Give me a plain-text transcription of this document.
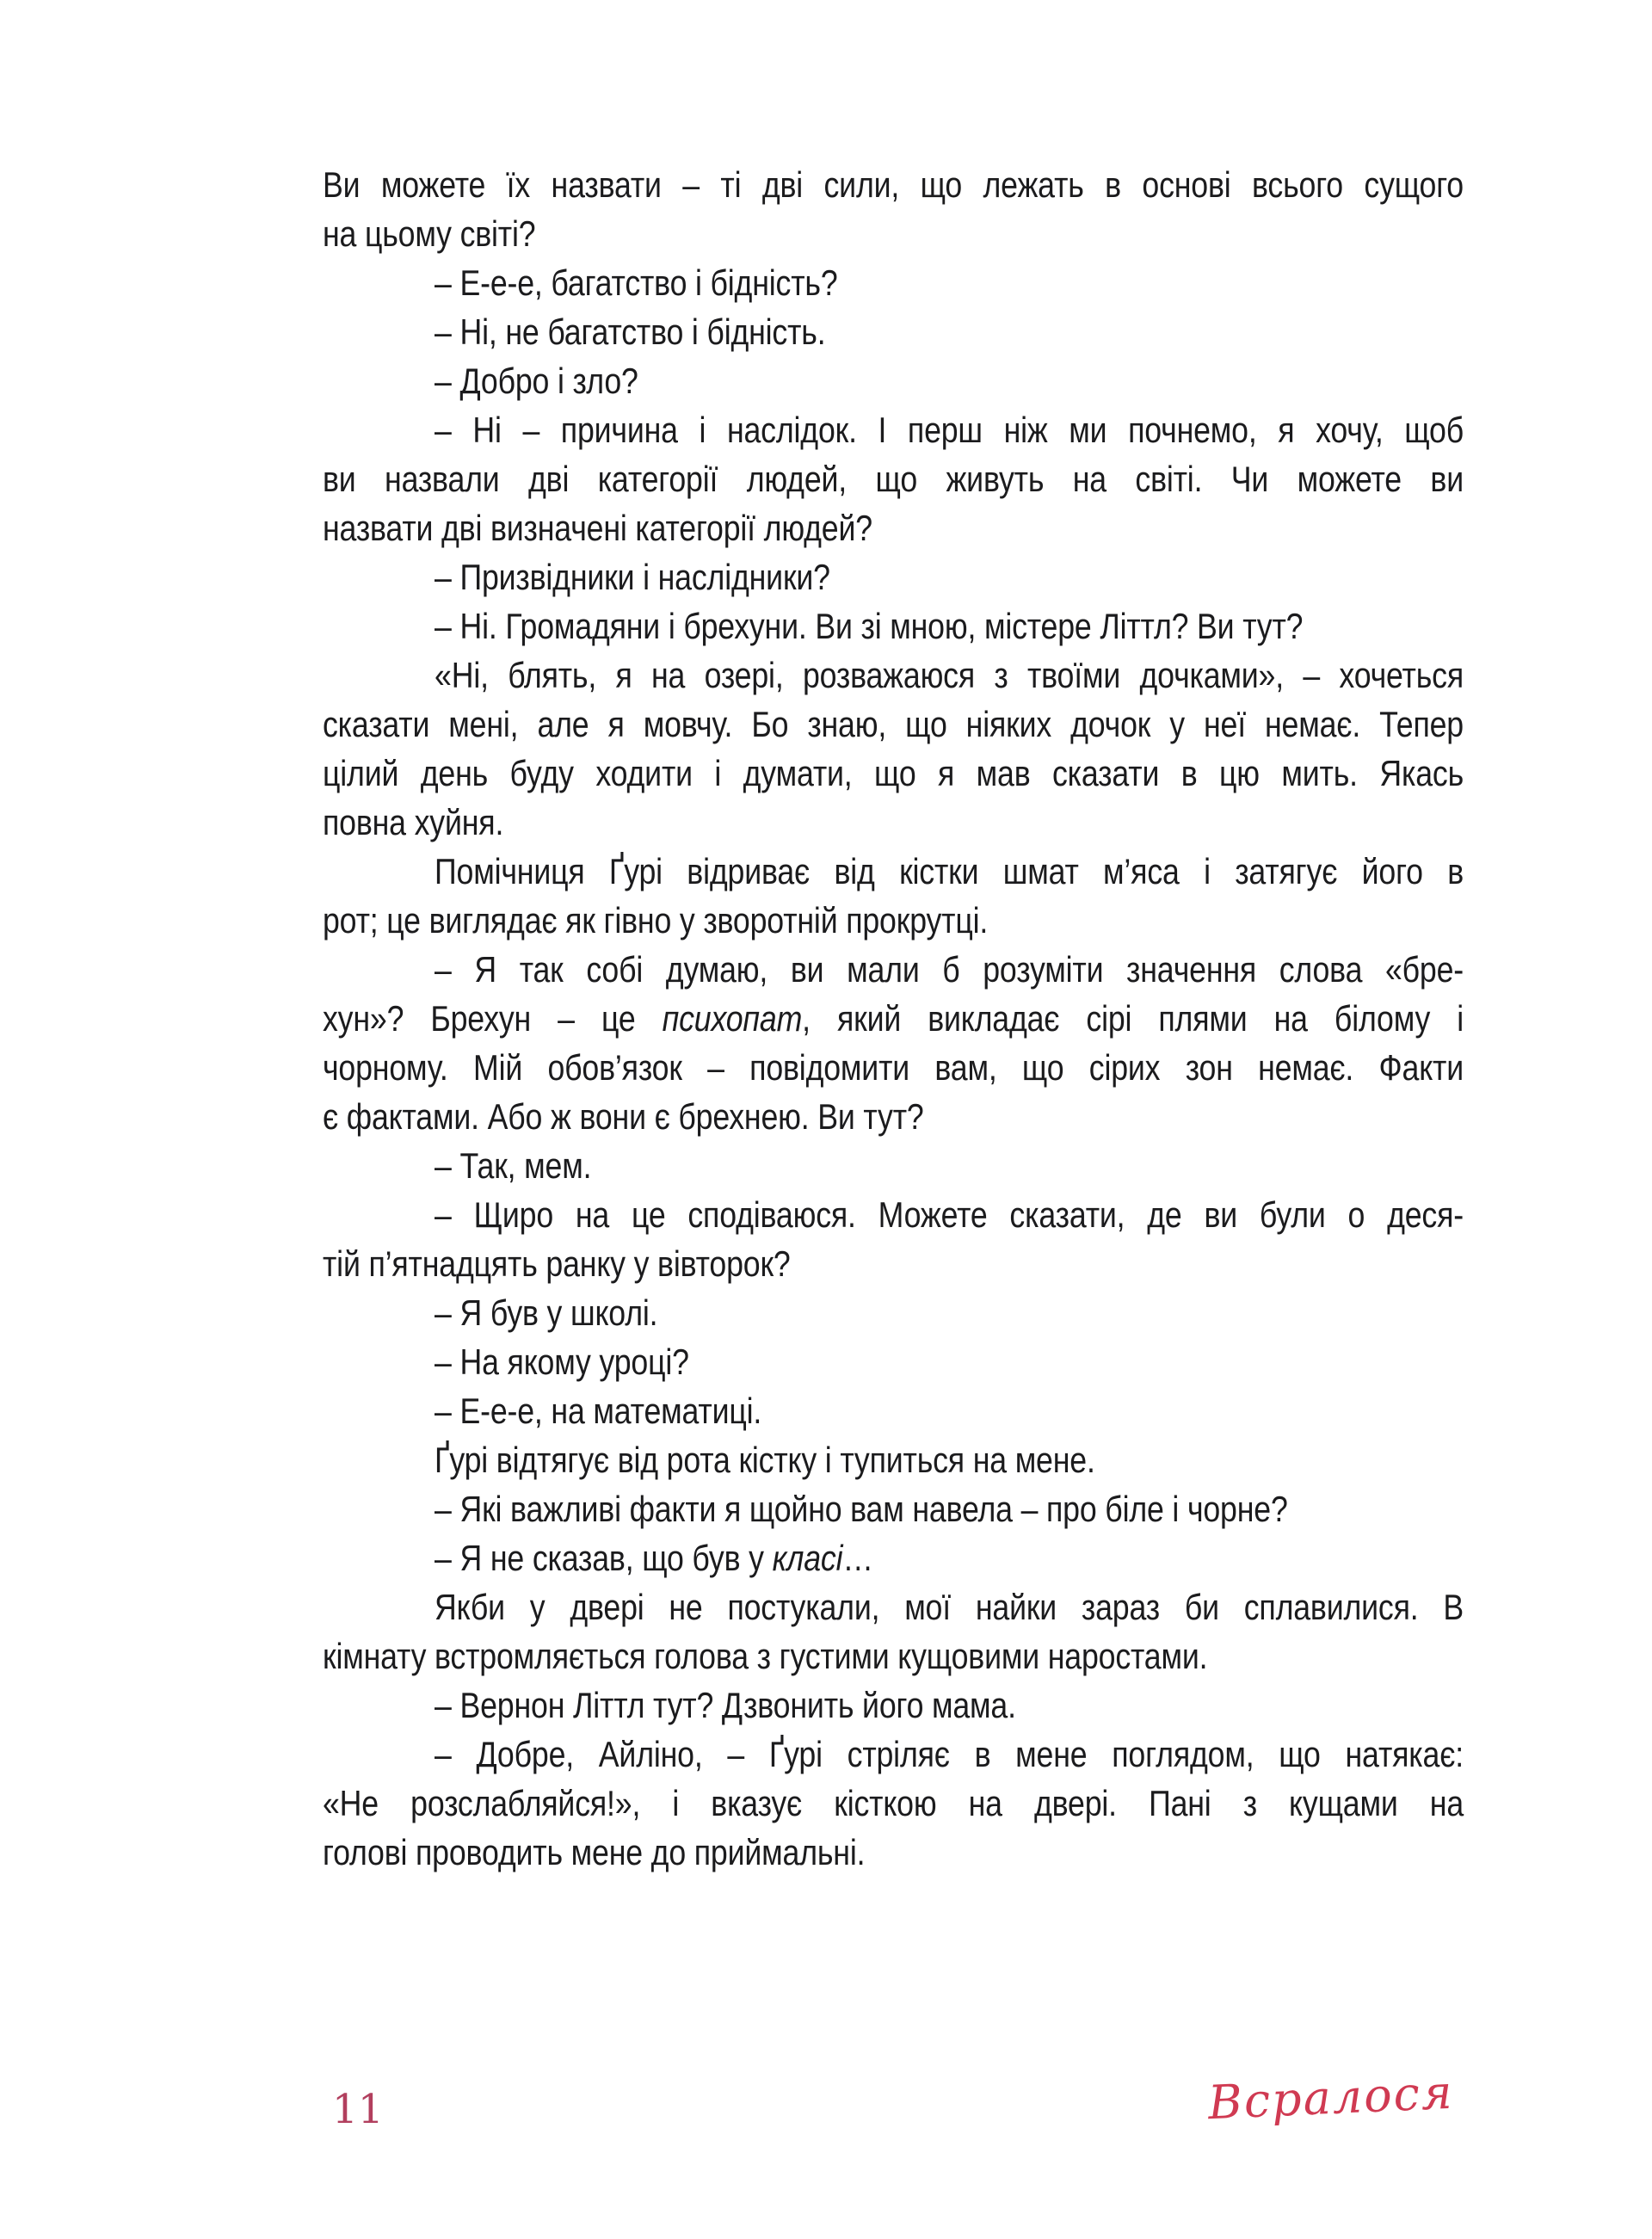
Ви можете їх назвати – ті дві сили, що лежать в основі всього сущого
на цьому світі?
– Е-е-е, багатство і бідність?
– Ні, не багатство і бідність.
– Добро і зло?
– Ні – причина і наслідок. І перш ніж ми почнемо, я хочу, щоб
ви назвали дві категорії людей, що живуть на світі. Чи можете ви
назвати дві визначені категорії людей?
– Призвідники і наслідники?
– Ні. Громадяни і брехуни. Ви зі мною, містере Літтл? Ви тут?
«Ні, блять, я на озері, розважаюся з твоїми дочками», – хочеться
сказати мені, але я мовчу. Бо знаю, що ніяких дочок у неї немає. Тепер
цілий день буду ходити і думати, що я мав сказати в цю мить. Якась
повна хуйня.
Помічниця Ґурі відриває від кістки шмат м’яса і затягує його в
рот; це виглядає як гівно у зворотній прокрутці.
– Я так собі думаю, ви мали б розуміти значення слова «бре-
хун»? Брехун – це психопат, який викладає сірі плями на білому і
чорному. Мій обов’язок – повідомити вам, що сірих зон немає. Факти
є фактами. Або ж вони є брехнею. Ви тут?
– Так, мем.
– Щиро на це сподіваюся. Можете сказати, де ви були о деся-
тій п’ятнадцять ранку у вівторок?
– Я був у школі.
– На якому уроці?
– Е-е-е, на математиці.
Ґурі відтягує від рота кістку і тупиться на мене.
– Які важливі факти я щойно вам навела – про біле і чорне?
– Я не сказав, що був у класі…
Якби у двері не постукали, мої найки зараз би сплавилися. В
кімнату встромляється голова з густими кущовими наростами.
– Вернон Літтл тут? Дзвонить його мама.
– Добре, Айліно, – Ґурі стріляє в мене поглядом, що натякає:
«Не розслабляйся!», і вказує кісткою на двері. Пані з кущами на
голові проводить мене до приймальні.
11	Всралося
